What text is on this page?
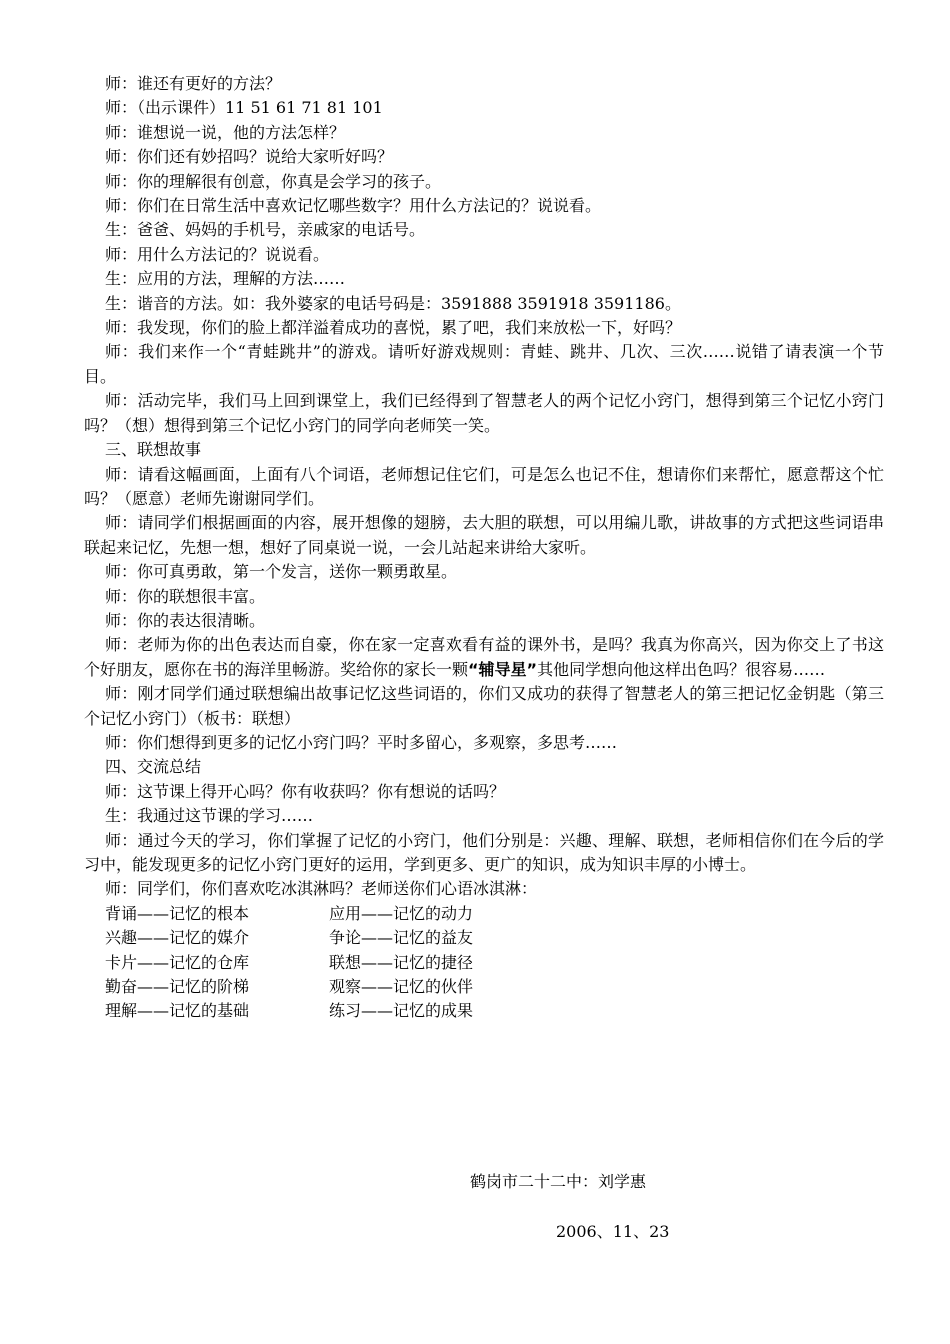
师：谁还有更好的方法？

师：（出示课件）11 51 61 71 81 101

师：谁想说一说，他的方法怎样？

师：你们还有妙招吗？说给大家听好吗？

师：你的理解很有创意，你真是会学习的孩子。

师：你们在日常生活中喜欢记忆哪些数字？用什么方法记的？说说看。

生：爸爸、妈妈的手机号，亲戚家的电话号。

师：用什么方法记的？说说看。

生：应用的方法，理解的方法……

生：谐音的方法。如：我外婆家的电话号码是：3591888 3591918 3591186。

师：我发现，你们的脸上都洋溢着成功的喜悦，累了吧，我们来放松一下，好吗？

师：我们来作一个“青蛙跳井”的游戏。请听好游戏规则：青蛙、跳井、几次、三次……说错了请表演一个节目。

师：活动完毕，我们马上回到课堂上，我们已经得到了智慧老人的两个记忆小窍门，想得到第三个记忆小窍门吗？（想）想得到第三个记忆小窍门的同学向老师笑一笑。

三、联想故事

师：请看这幅画面，上面有八个词语，老师想记住它们，可是怎么也记不住，想请你们来帮忙，愿意帮这个忙吗？（愿意）老师先谢谢同学们。

师：请同学们根据画面的内容，展开想像的翅膀，去大胆的联想，可以用编儿歌，讲故事的方式把这些词语串联起来记忆，先想一想，想好了同桌说一说，一会儿站起来讲给大家听。

师：你可真勇敢，第一个发言，送你一颗勇敢星。

师：你的联想很丰富。

师：你的表达很清晰。

师：老师为你的出色表达而自豪，你在家一定喜欢看有益的课外书，是吗？我真为你高兴，因为你交上了书这个好朋友，愿你在书的海洋里畅游。奖给你的家长一颗“辅导星”其他同学想向他这样出色吗？很容易……

师：刚才同学们通过联想编出故事记忆这些词语的，你们又成功的获得了智慧老人的第三把记忆金钥匙（第三个记忆小窍门）（板书：联想）

师：你们想得到更多的记忆小窍门吗？平时多留心，多观察，多思考……

四、交流总结

师：这节课上得开心吗？你有收获吗？你有想说的话吗？

生：我通过这节课的学习……

师：通过今天的学习，你们掌握了记忆的小窍门，他们分别是：兴趣、理解、联想，老师相信你们在今后的学习中，能发现更多的记忆小窍门更好的运用，学到更多、更广的知识，成为知识丰厚的小博士。

师：同学们，你们喜欢吃冰淇淋吗？老师送你们心语冰淇淋：

背诵——记忆的根本	应用——记忆的动力
兴趣——记忆的媒介	争论——记忆的益友
卡片——记忆的仓库	联想——记忆的捷径
勤奋——记忆的阶梯	观察——记忆的伙伴
理解——记忆的基础	练习——记忆的成果
鹤岗市二十二中：刘学惠
2006、11、23
